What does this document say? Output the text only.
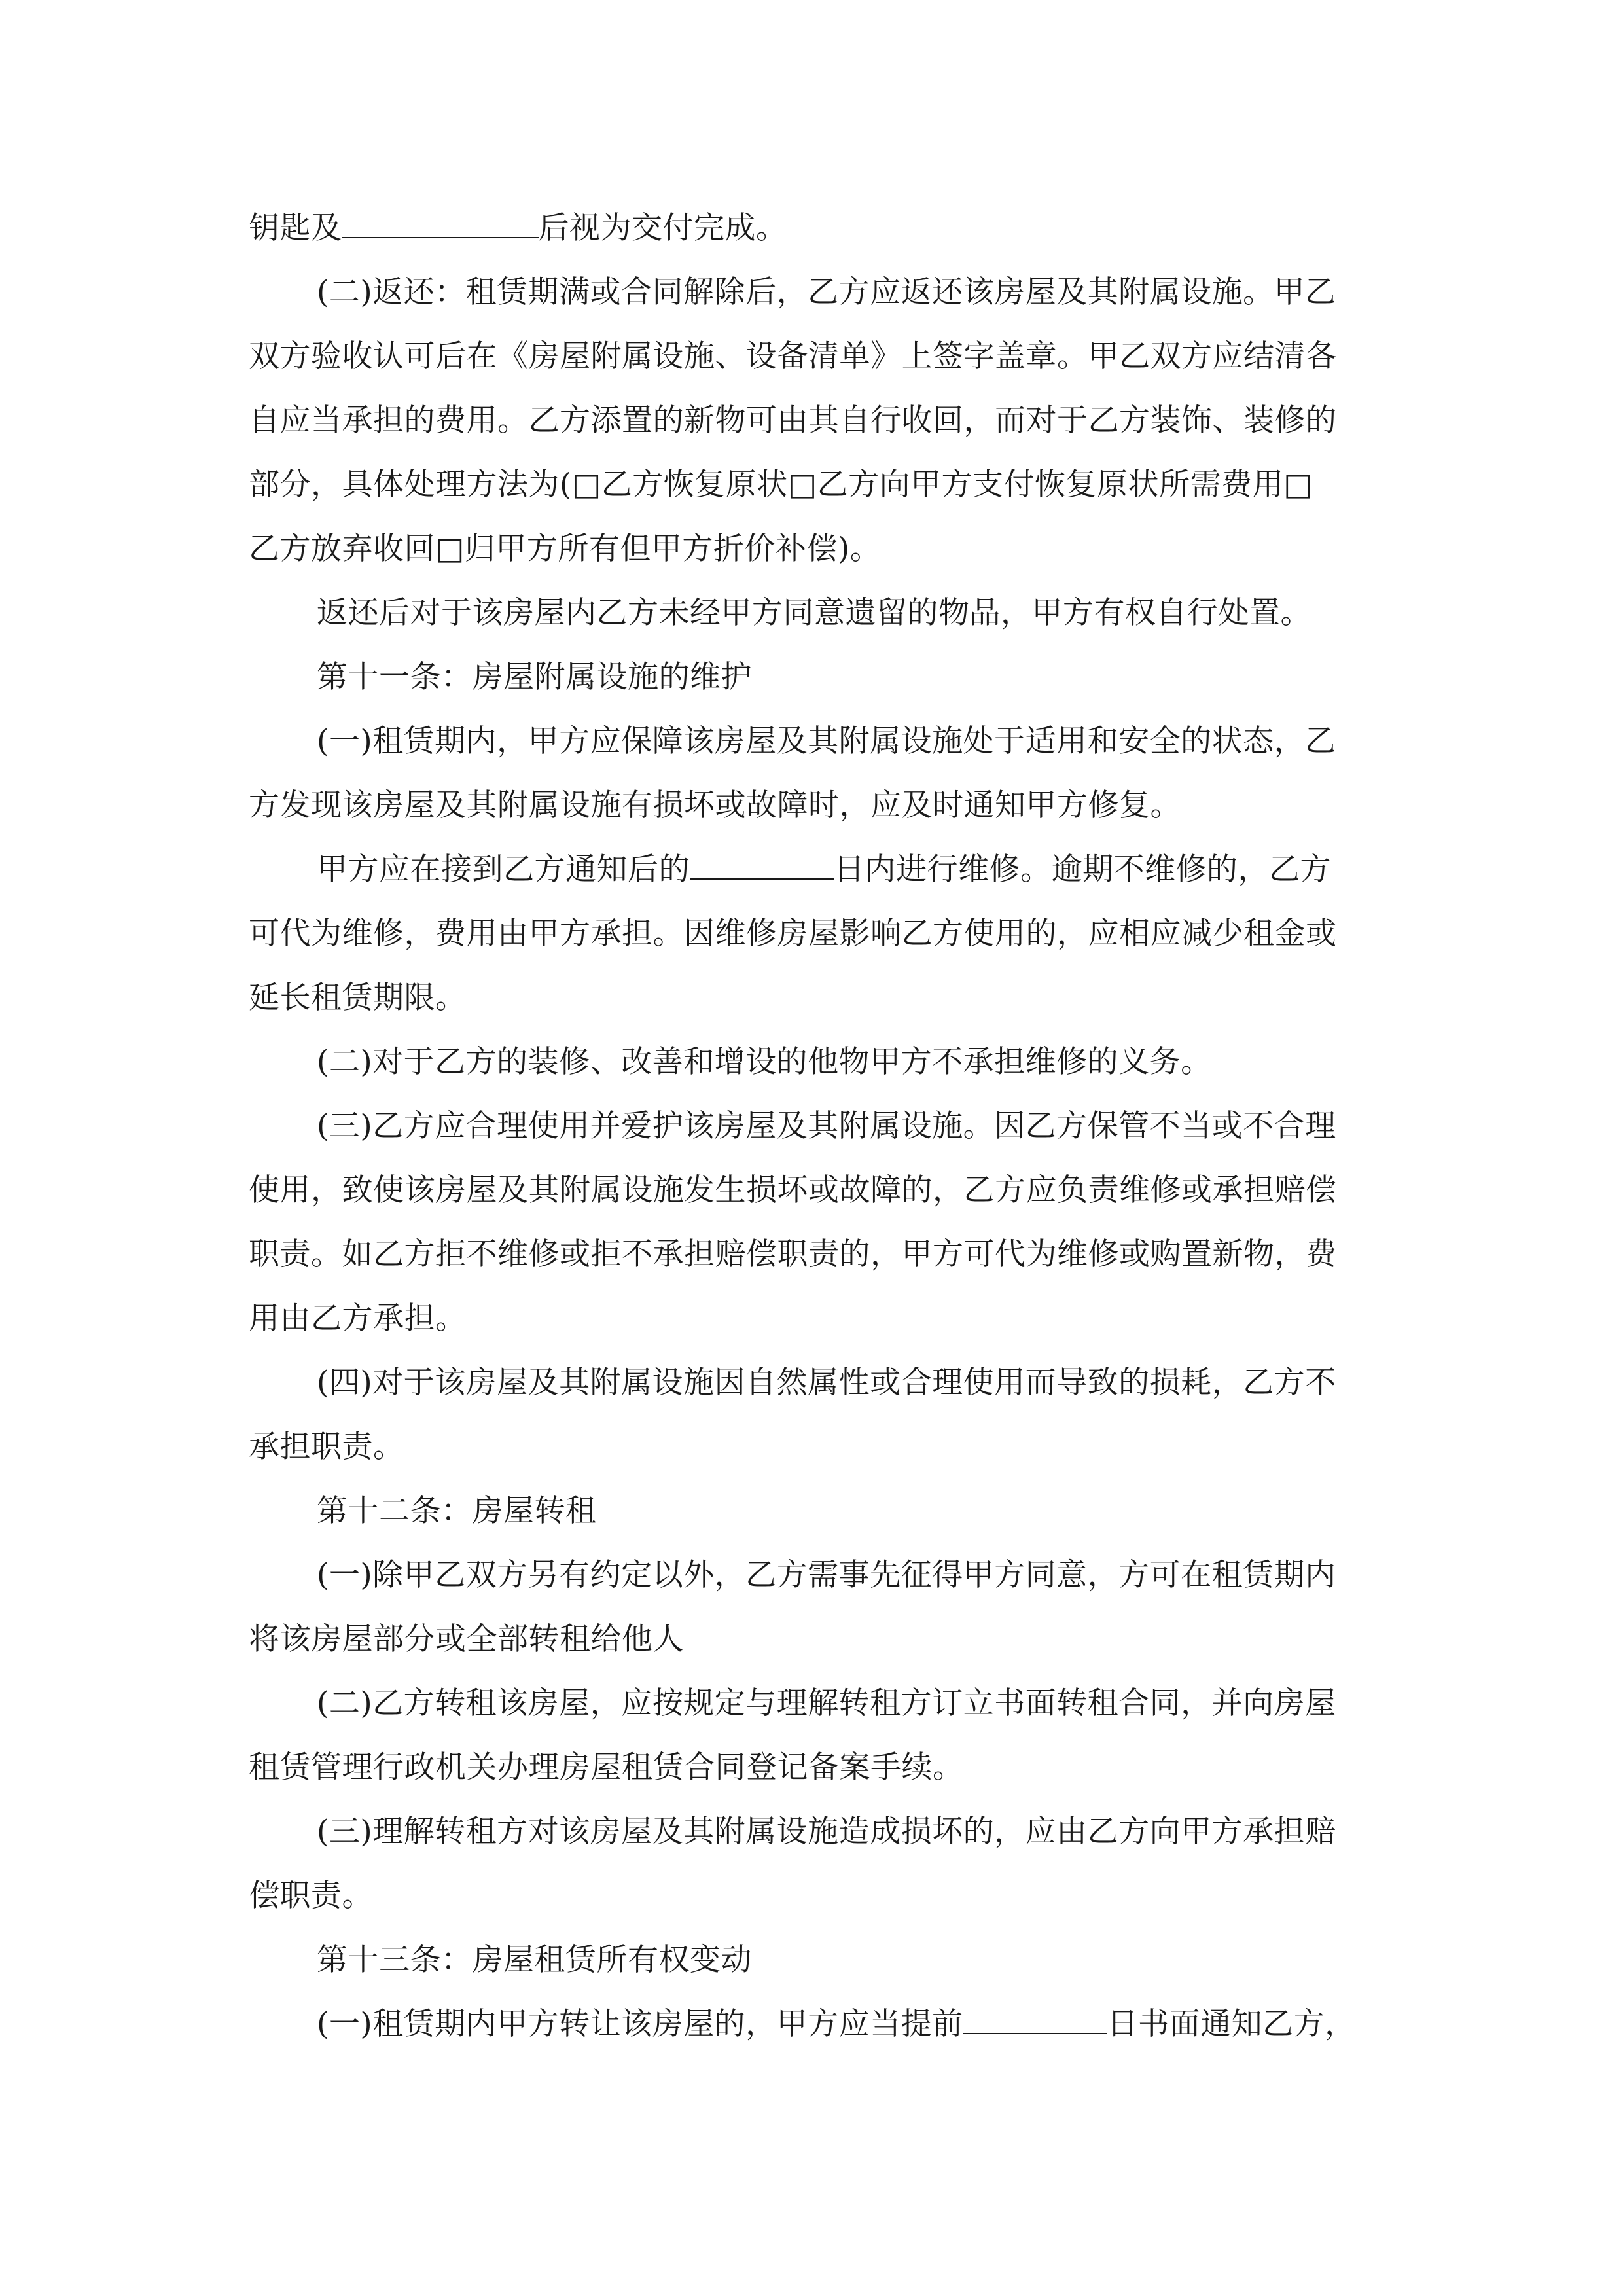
钥匙及	后视为交付完成。
(二)返还：租赁期满或合同解除后，乙方应返还该房屋及其附属设施。甲乙
双方验收认可后在《房屋附属设施、设备清单》上签字盖章。甲乙双方应结清各
自应当承担的费用。乙方添置的新物可由其自行收回，而对于乙方装饰、装修的
部分，具体处理方法为(□乙方恢复原状□乙方向甲方支付恢复原状所需费用□
乙方放弃收回□归甲方所有但甲方折价补偿)。
返还后对于该房屋内乙方未经甲方同意遗留的物品，甲方有权自行处置。
第十一条：房屋附属设施的维护
(一)租赁期内，甲方应保障该房屋及其附属设施处于适用和安全的状态，乙
方发现该房屋及其附属设施有损坏或故障时，应及时通知甲方修复。
甲方应在接到乙方通知后的	日内进行维修。逾期不维修的，乙方
可代为维修，费用由甲方承担。因维修房屋影响乙方使用的，应相应减少租金或
延长租赁期限。
(二)对于乙方的装修、改善和增设的他物甲方不承担维修的义务。
(三)乙方应合理使用并爱护该房屋及其附属设施。因乙方保管不当或不合理
使用，致使该房屋及其附属设施发生损坏或故障的，乙方应负责维修或承担赔偿
职责。如乙方拒不维修或拒不承担赔偿职责的，甲方可代为维修或购置新物，费
用由乙方承担。
(四)对于该房屋及其附属设施因自然属性或合理使用而导致的损耗，乙方不
承担职责。
第十二条：房屋转租
(一)除甲乙双方另有约定以外，乙方需事先征得甲方同意，方可在租赁期内
将该房屋部分或全部转租给他人
(二)乙方转租该房屋，应按规定与理解转租方订立书面转租合同，并向房屋
租赁管理行政机关办理房屋租赁合同登记备案手续。
(三)理解转租方对该房屋及其附属设施造成损坏的，应由乙方向甲方承担赔
偿职责。
第十三条：房屋租赁所有权变动
(一)租赁期内甲方转让该房屋的，甲方应当提前	日书面通知乙方，
